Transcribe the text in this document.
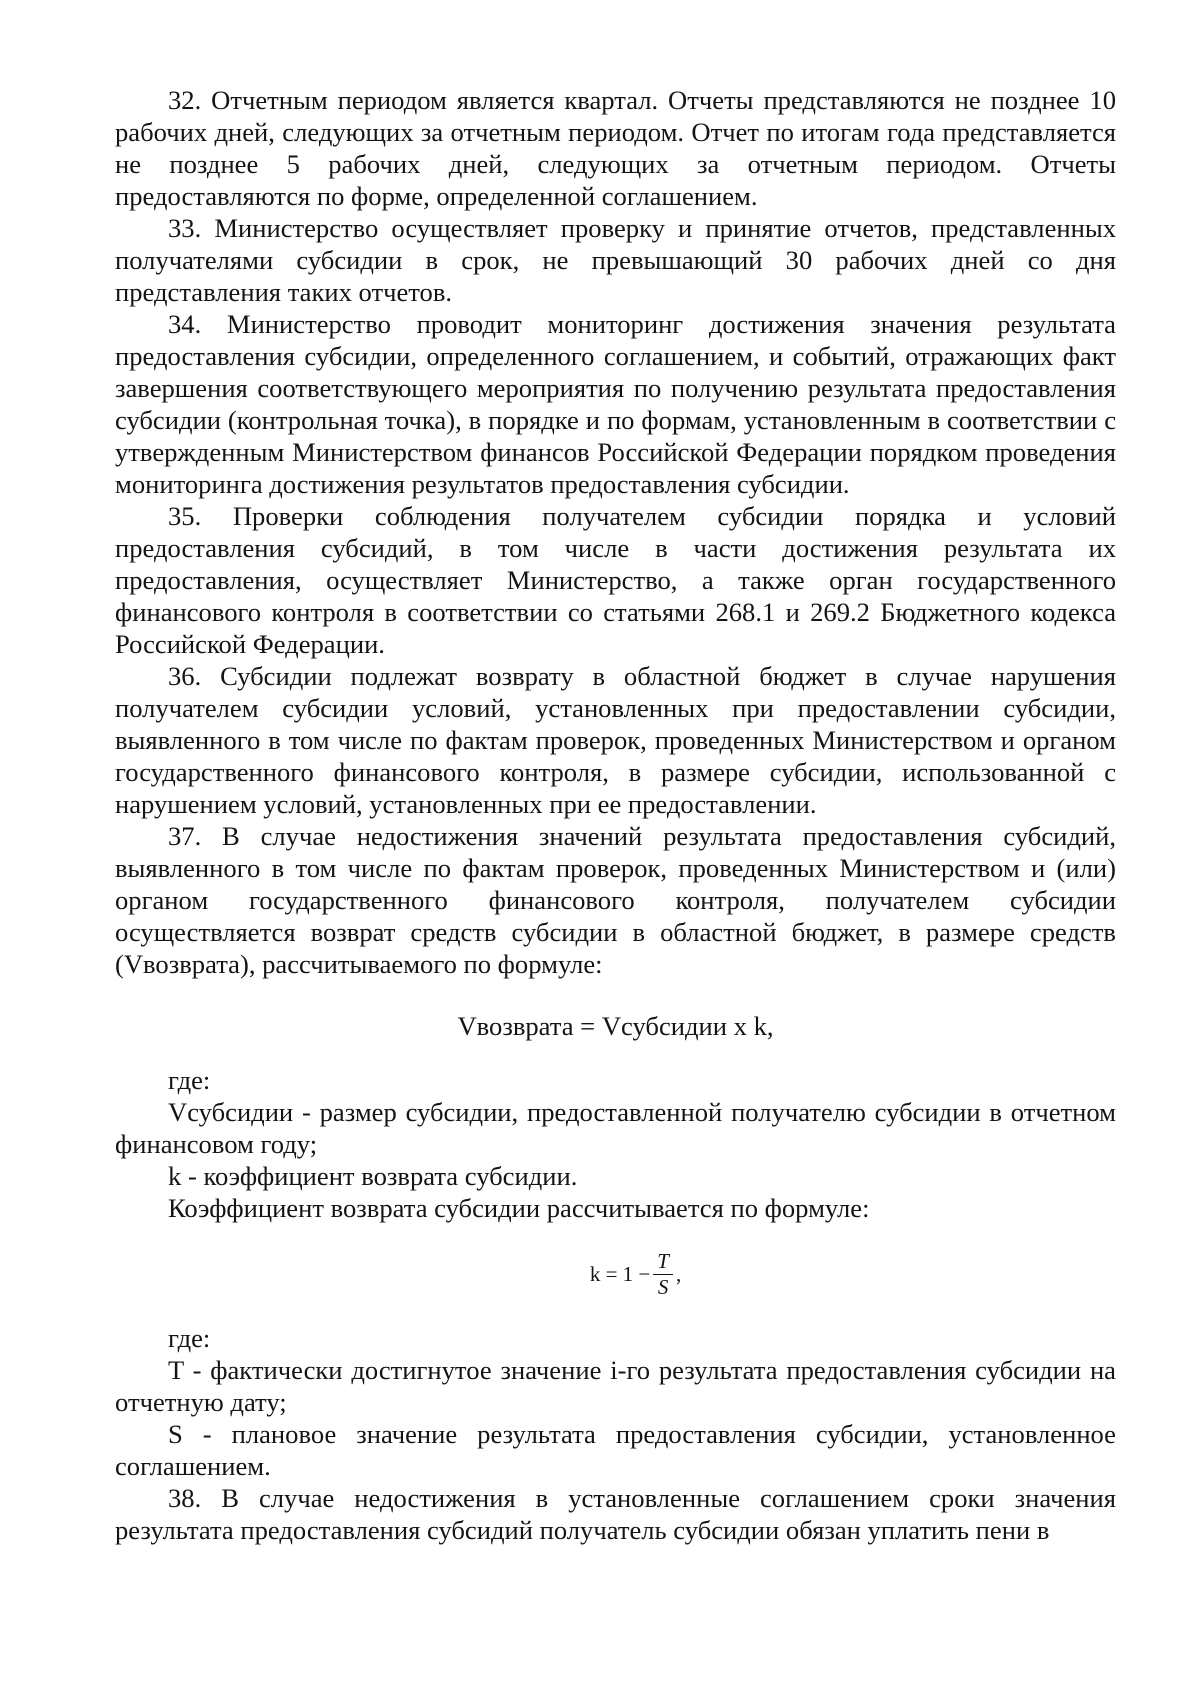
32. Отчетным периодом является квартал. Отчеты представляются не позднее 10 рабочих дней, следующих за отчетным периодом. Отчет по итогам года представляется не позднее 5 рабочих дней, следующих за отчетным периодом. Отчеты предоставляются по форме, определенной соглашением.

33. Министерство осуществляет проверку и принятие отчетов, представленных получателями субсидии в срок, не превышающий 30 рабочих дней со дня представления таких отчетов.

34. Министерство проводит мониторинг достижения значения результата предоставления субсидии, определенного соглашением, и событий, отражающих факт завершения соответствующего мероприятия по получению результата предоставления субсидии (контрольная точка), в порядке и по формам, установленным в соответствии с утвержденным Министерством финансов Российской Федерации порядком проведения мониторинга достижения результатов предоставления субсидии.

35. Проверки соблюдения получателем субсидии порядка и условий предоставления субсидий, в том числе в части достижения результата их предоставления, осуществляет Министерство, а также орган государственного финансового контроля в соответствии со статьями 268.1 и 269.2 Бюджетного кодекса Российской Федерации.

36. Субсидии подлежат возврату в областной бюджет в случае нарушения получателем субсидии условий, установленных при предоставлении субсидии, выявленного в том числе по фактам проверок, проведенных Министерством и органом государственного финансового контроля, в размере субсидии, использованной с нарушением условий, установленных при ее предоставлении.

37. В случае недостижения значений результата предоставления субсидий, выявленного в том числе по фактам проверок, проведенных Министерством и (или) органом государственного финансового контроля, получателем субсидии осуществляется возврат средств субсидии в областной бюджет, в размере средств (Vвозврата), рассчитываемого по формуле:

Vвозврата = Vсубсидии x k,

где:

Vсубсидии - размер субсидии, предоставленной получателю субсидии в отчетном финансовом году;

k - коэффициент возврата субсидии.

Коэффициент возврата субсидии рассчитывается по формуле:

$k = 1 - \frac{T}{S}$ ,

где:

T - фактически достигнутое значение i-го результата предоставления субсидии на отчетную дату;

S - плановое значение результата предоставления субсидии, установленное соглашением.

38. В случае недостижения в установленные соглашением сроки значения результата предоставления субсидий получатель субсидии обязан уплатить пени в
